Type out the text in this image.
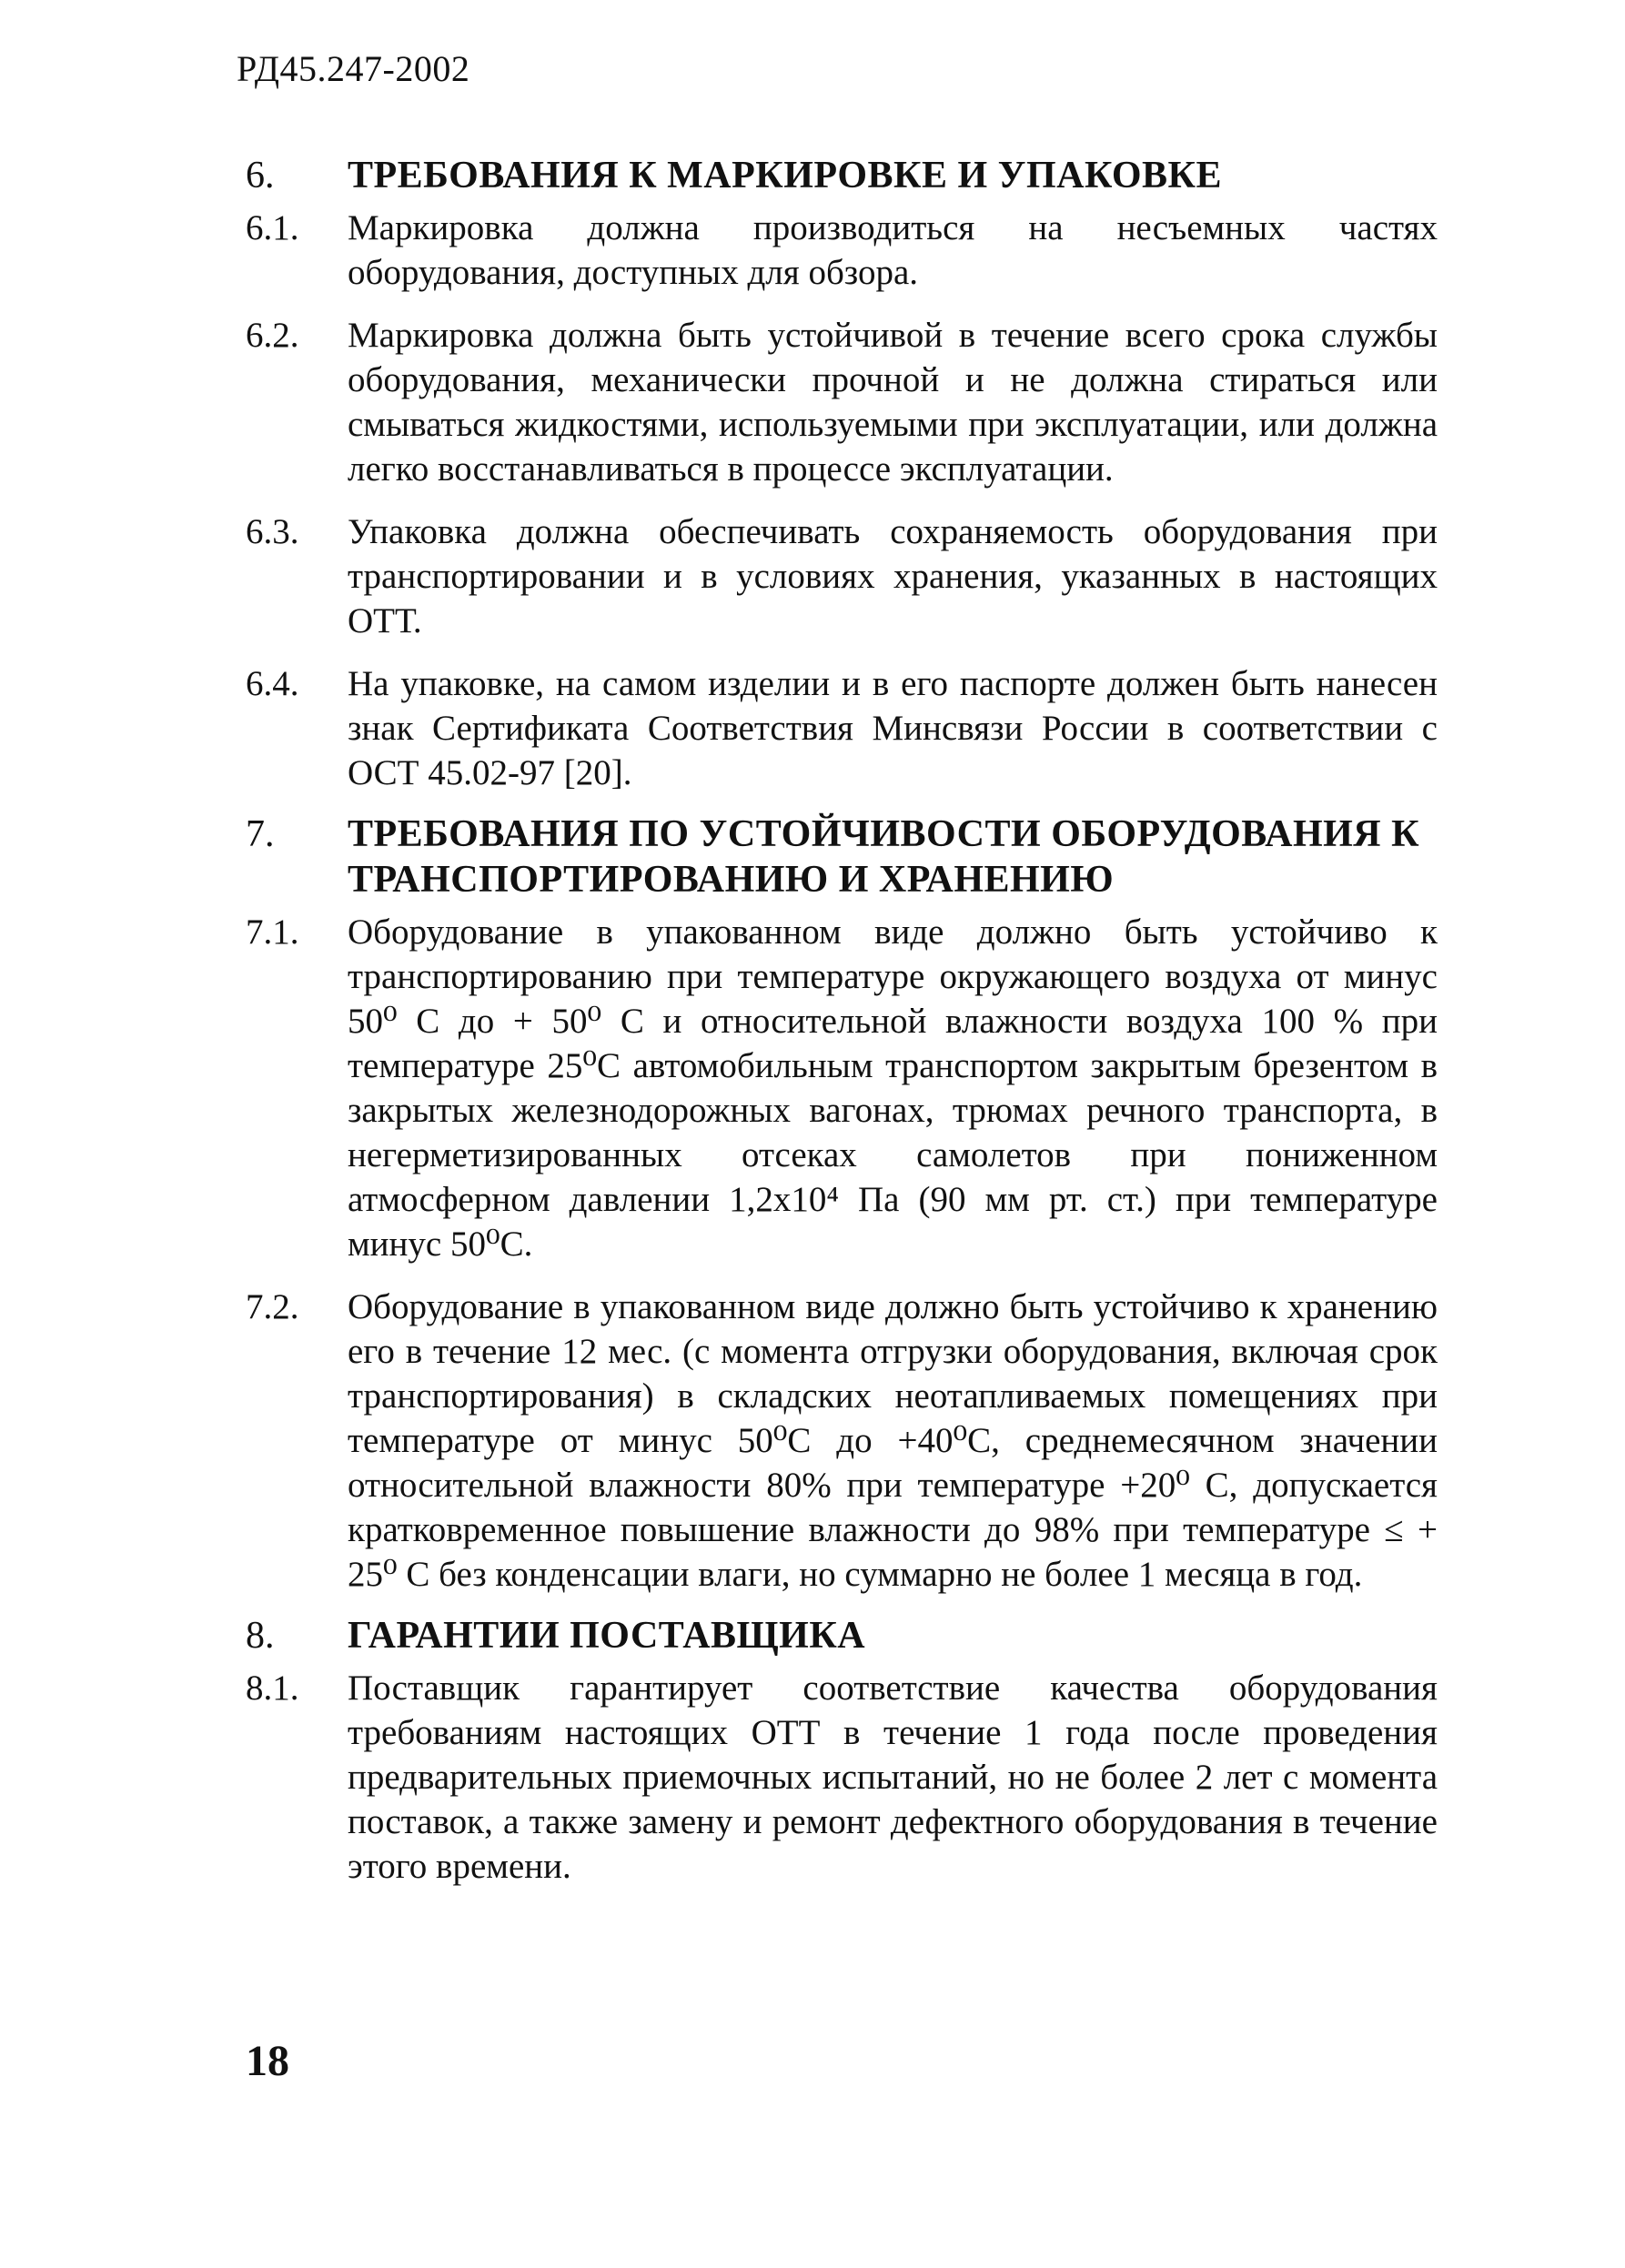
РД45.247-2002
6.	ТРЕБОВАНИЯ К МАРКИРОВКЕ И УПАКОВКЕ
6.1.	Маркировка должна производиться на несъемных частях оборудования, доступных для обзора.
6.2.	Маркировка должна быть устойчивой в течение всего срока службы оборудования, механически прочной и не должна стираться или смываться жидкостями, используемыми при эксплуатации, или должна легко восстанавливаться в процессе эксплуатации.
6.3.	Упаковка должна обеспечивать сохраняемость оборудования при транспортировании и в условиях хранения, указанных в настоящих ОТТ.
6.4.	На упаковке, на самом изделии и в его паспорте должен быть нанесен знак Сертификата Соответствия Минсвязи России в соответствии с ОСТ 45.02-97 [20].
7.	ТРЕБОВАНИЯ ПО УСТОЙЧИВОСТИ ОБОРУДОВАНИЯ К ТРАНСПОРТИРОВАНИЮ И ХРАНЕНИЮ
7.1.	Оборудование в упакованном виде должно быть устойчиво к транспортированию при температуре окружающего воздуха от минус 50⁰ С до + 50⁰ С и относительной влажности воздуха 100 % при температуре 25⁰С автомобильным транспортом закрытым брезентом в закрытых железнодорожных вагонах, трюмах речного транспорта, в негерметизированных отсеках самолетов при пониженном атмосферном давлении 1,2х10⁴ Па (90 мм рт. ст.) при температуре минус 50⁰С.
7.2.	Оборудование в упакованном виде должно быть устойчиво к хранению его в течение 12 мес. (с момента отгрузки оборудования, включая срок транспортирования) в складских неотапливаемых помещениях при температуре от минус 50⁰С до +40⁰С, среднемесячном значении относительной влажности 80% при температуре +20⁰ С, допускается кратковременное повышение влажности до 98% при температуре ≤ + 25⁰ С без конденсации влаги, но суммарно не более 1 месяца в год.
8.	ГАРАНТИИ ПОСТАВЩИКА
8.1.	Поставщик гарантирует соответствие качества оборудования требованиям настоящих ОТТ в течение 1 года после проведения предварительных приемочных испытаний, но не более 2 лет с момента поставок, а также замену и ремонт дефектного оборудования в течение этого времени.
18
